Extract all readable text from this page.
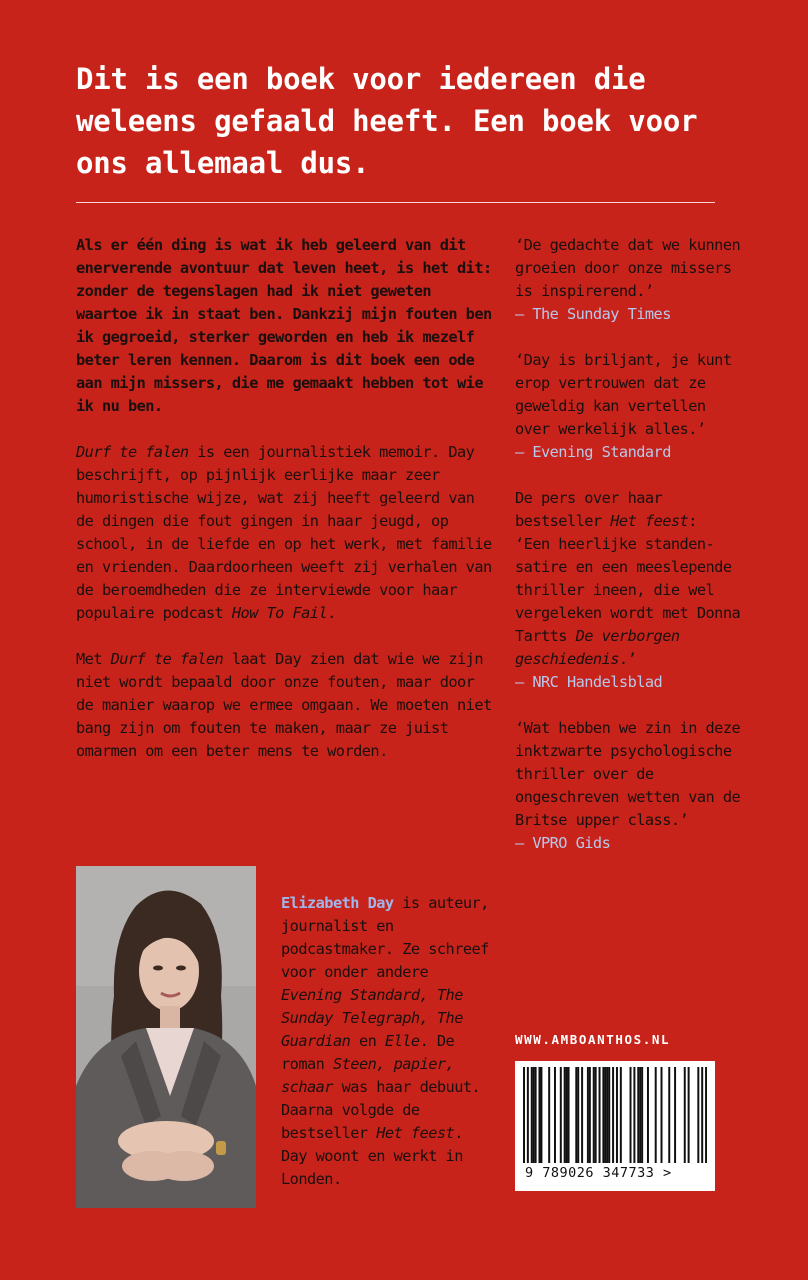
Dit is een boek voor iedereen die weleens gefaald heeft. Een boek voor ons allemaal dus.

Als er één ding is wat ik heb geleerd van dit enerverende avontuur dat leven heet, is het dit: zonder de tegenslagen had ik niet geweten waartoe ik in staat ben. Dankzij mijn fouten ben ik gegroeid, sterker geworden en heb ik mezelf beter leren kennen. Daarom is dit boek een ode aan mijn missers, die me gemaakt hebben tot wie ik nu ben.

Durf te falen is een journalistiek memoir. Day beschrijft, op pijnlijk eerlijke maar zeer humoristische wijze, wat zij heeft geleerd van de dingen die fout gingen in haar jeugd, op school, in de liefde en op het werk, met familie en vrienden. Daardoorheen weeft zij verhalen van de beroemdheden die ze interviewde voor haar populaire podcast How To Fail.

Met Durf te falen laat Day zien dat wie we zijn niet wordt bepaald door onze fouten, maar door de manier waarop we ermee omgaan. We moeten niet bang zijn om fouten te maken, maar ze juist omarmen om een beter mens te worden.

‘De gedachte dat we kunnen groeien door onze missers is inspirerend.’
– The Sunday Times
‘Day is briljant, je kunt erop vertrouwen dat ze geweldig kan vertellen over werkelijk alles.’
– Evening Standard
De pers over haar bestseller Het feest:
‘Een heerlijke standensatire en een meeslepende thriller ineen, die wel vergeleken wordt met Donna Tartts De verborgen geschiedenis.’
– NRC Handelsblad
‘Wat hebben we zin in deze inktzwarte psychologische thriller over de ongeschreven wetten van de Britse upper class.’
– VPRO Gids
Elizabeth Day is auteur, journalist en podcastmaker. Ze schreef voor onder andere Evening Standard, The Sunday Telegraph, The Guardian en Elle. De roman Steen, papier, schaar was haar debuut. Daarna volgde de bestseller Het feest. Day woont en werkt in Londen.
WWW.AMBOANTHOS.NL
9 789026 347733 >
